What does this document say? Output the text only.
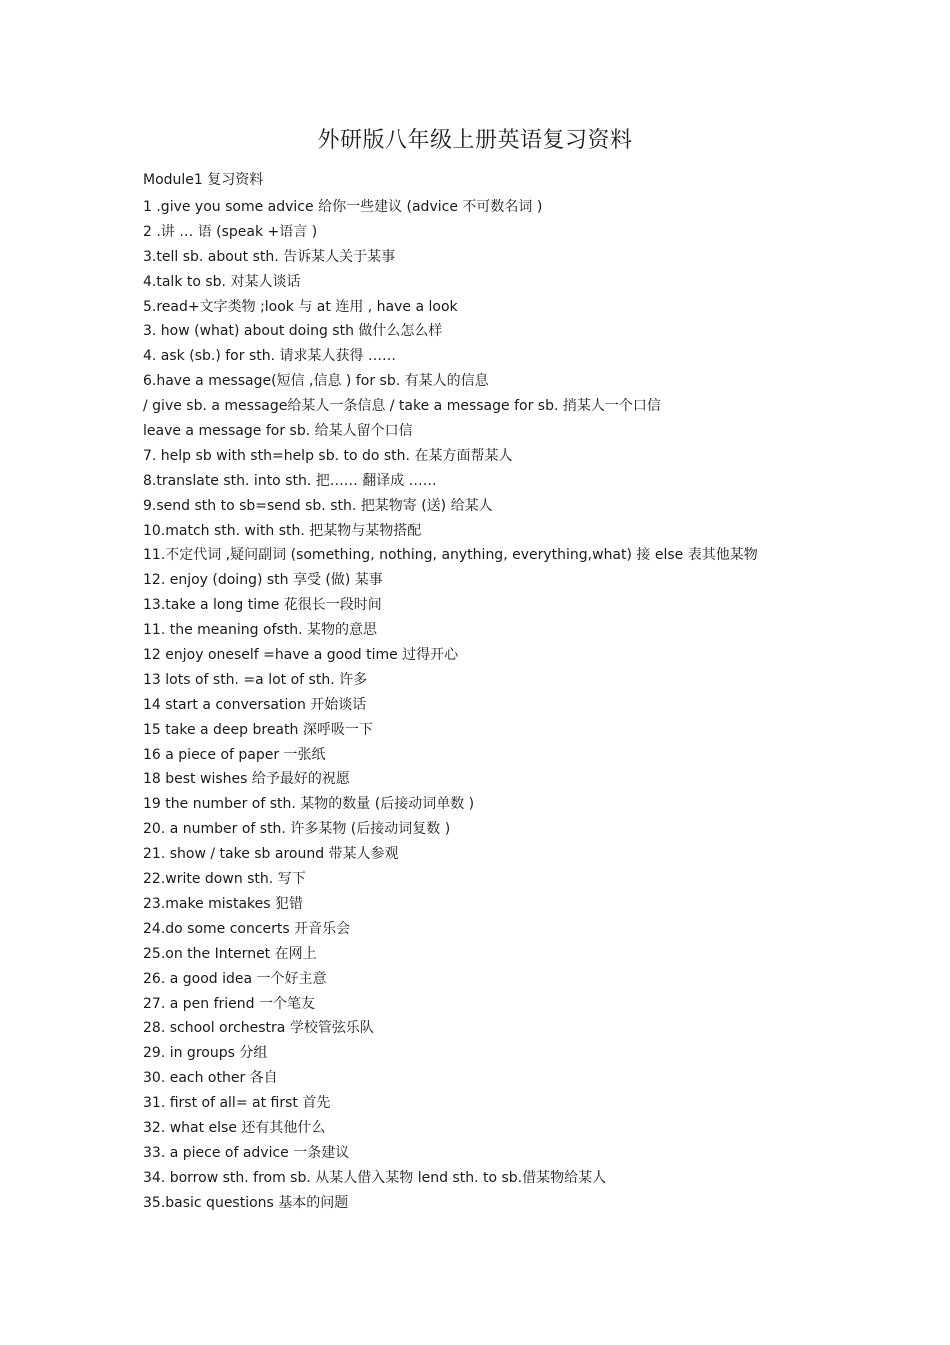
外研版八年级上册英语复习资料

Module1 复习资料

1 .give you some advice 给你一些建议 (advice 不可数名词 )
2 .讲 … 语 (speak +语言 )
3.tell sb. about sth. 告诉某人关于某事
4.talk to sb. 对某人谈话
5.read+文字类物 ;look 与 at 连用 , have a look
3. how (what) about doing sth 做什么怎么样
4. ask (sb.) for sth. 请求某人获得 ……
6.have a message(短信 ,信息 ) for sb. 有某人的信息
/ give sb. a message给某人一条信息 / take a message for sb. 捎某人一个口信
leave a message for sb. 给某人留个口信
7. help sb with sth=help sb. to do sth. 在某方面帮某人
8.translate sth. into sth. 把…… 翻译成 ……
9.send sth to sb=send sb. sth. 把某物寄 (送) 给某人
10.match sth. with sth. 把某物与某物搭配
11.不定代词 ,疑问副词 (something, nothing, anything, everything,what) 接 else 表其他某物
12. enjoy (doing) sth 享受 (做) 某事
13.take a long time 花很长一段时间
11. the meaning ofsth. 某物的意思
12 enjoy oneself =have a good time 过得开心
13 lots of sth. =a lot of sth. 许多
14 start a conversation 开始谈话
15 take a deep breath 深呼吸一下
16 a piece of paper 一张纸
18 best wishes 给予最好的祝愿
19 the number of sth. 某物的数量 (后接动词单数 )
20. a number of sth. 许多某物 (后接动词复数 )
21. show / take sb around 带某人参观
22.write down sth. 写下
23.make mistakes 犯错
24.do some concerts 开音乐会
25.on the Internet 在网上
26. a good idea 一个好主意
27. a pen friend 一个笔友
28. school orchestra 学校管弦乐队
29. in groups 分组
30. each other 各自
31. first of all= at first 首先
32. what else 还有其他什么
33. a piece of advice 一条建议
34. borrow sth. from sb. 从某人借入某物 lend sth. to sb.借某物给某人
35.basic questions 基本的问题
